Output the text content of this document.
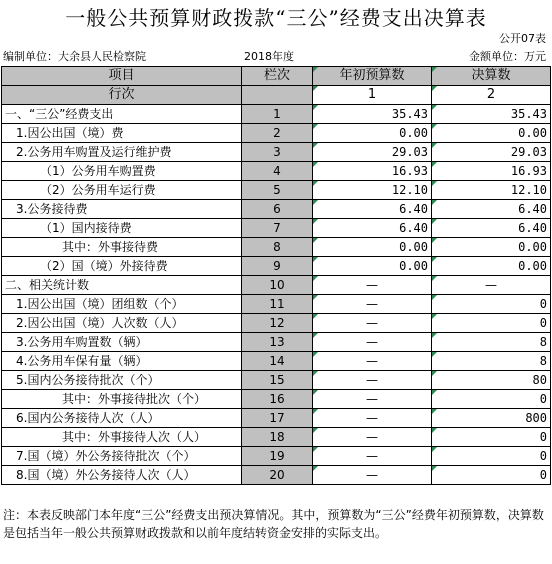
一般公共预算财政拨款“三公”经费支出决算表
公开07表
编制单位：大余县人民检察院	2018年度	金额单位：万元
项目	栏次	年初预算数	决算数
行次		1	2
一、“三公”经费支出	1	35.43	35.43
1.因公出国（境）费	2	0.00	0.00
2.公务用车购置及运行维护费	3	29.03	29.03
（1）公务用车购置费	4	16.93	16.93
（2）公务用车运行费	5	12.10	12.10
3.公务接待费	6	6.40	6.40
（1）国内接待费	7	6.40	6.40
其中：外事接待费	8	0.00	0.00
（2）国（境）外接待费	9	0.00	0.00
二、相关统计数	10	—	—
1.因公出国（境）团组数（个）	11	—	0
2.因公出国（境）人次数（人）	12	—	0
3.公务用车购置数（辆）	13	—	8
4.公务用车保有量（辆）	14	—	8
5.国内公务接待批次（个）	15	—	80
其中：外事接待批次（个）	16	—	0
6.国内公务接待人次（人）	17	—	800
其中：外事接待人次（人）	18	—	0
7.国（境）外公务接待批次（个）	19	—	0
8.国（境）外公务接待人次（人）	20	—	0
注：本表反映部门本年度“三公”经费支出预决算情况。其中，预算数为“三公”经费年初预算数，决算数是包括当年一般公共预算财政拨款和以前年度结转资金安排的实际支出。
